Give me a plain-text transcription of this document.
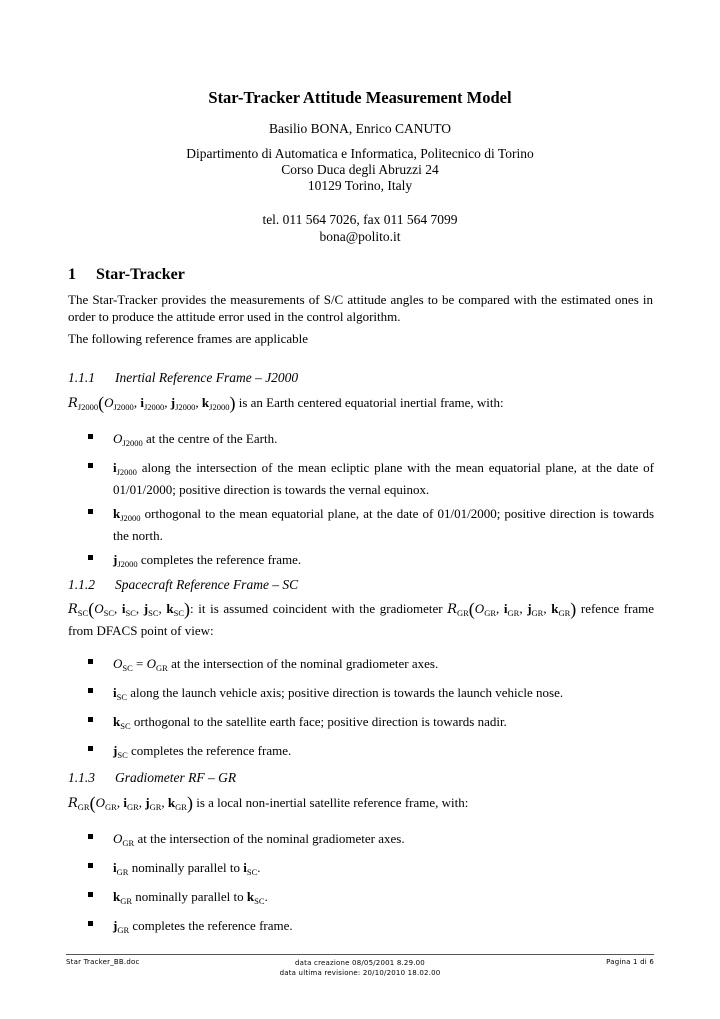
Star-Tracker Attitude Measurement Model
Basilio BONA, Enrico CANUTO
Dipartimento di Automatica e Informatica, Politecnico di Torino
Corso Duca degli Abruzzi 24
10129 Torino, Italy
tel. 011 564 7026, fax 011 564 7099
bona@polito.it
1 Star-Tracker
The Star-Tracker provides the measurements of S/C attitude angles to be compared with the estimated ones in order to produce the attitude error used in the control algorithm.
The following reference frames are applicable
1.1.1 Inertial Reference Frame – J2000
$R_{J2000}(O_{J2000}$, $i_{J2000}$, $j_{J2000}$, $k_{J2000}$) is an Earth centered equatorial inertial frame, with:
$O_{J2000}$ at the centre of the Earth.
$i_{J2000}$ along the intersection of the mean ecliptic plane with the mean equatorial plane, at the date of 01/01/2000; positive direction is towards the vernal equinox.
$k_{J2000}$ orthogonal to the mean equatorial plane, at the date of 01/01/2000; positive direction is towards the north.
$j_{J2000}$ completes the reference frame.
1.1.2 Spacecraft Reference Frame – SC
$R_{SC}(O_{SC}$, $i_{SC}$, $j_{SC}$, $k_{SC}$): it is assumed coincident with the gradiometer $R_{GR}(O_{GR}$, $i_{GR}$, $j_{GR}$, $k_{GR}$) refence frame from DFACS point of view:
$O_{SC} = O_{GR}$ at the intersection of the nominal gradiometer axes.
$i_{SC}$ along the launch vehicle axis; positive direction is towards the launch vehicle nose.
$k_{SC}$ orthogonal to the satellite earth face; positive direction is towards nadir.
$j_{SC}$ completes the reference frame.
1.1.3 Gradiometer RF – GR
$R_{GR}(O_{GR}$, $i_{GR}$, $j_{GR}$, $k_{GR}$) is a local non-inertial satellite reference frame, with:
$O_{GR}$ at the intersection of the nominal gradiometer axes.
$i_{GR}$ nominally parallel to $i_{SC}$.
$k_{GR}$ nominally parallel to $k_{SC}$.
$j_{GR}$ completes the reference frame.
Star Tracker_BB.doc	data creazione 08/05/2001 8.29.00
data ultima revisione: 20/10/2010 18.02.00
Pagina 1 di 6
